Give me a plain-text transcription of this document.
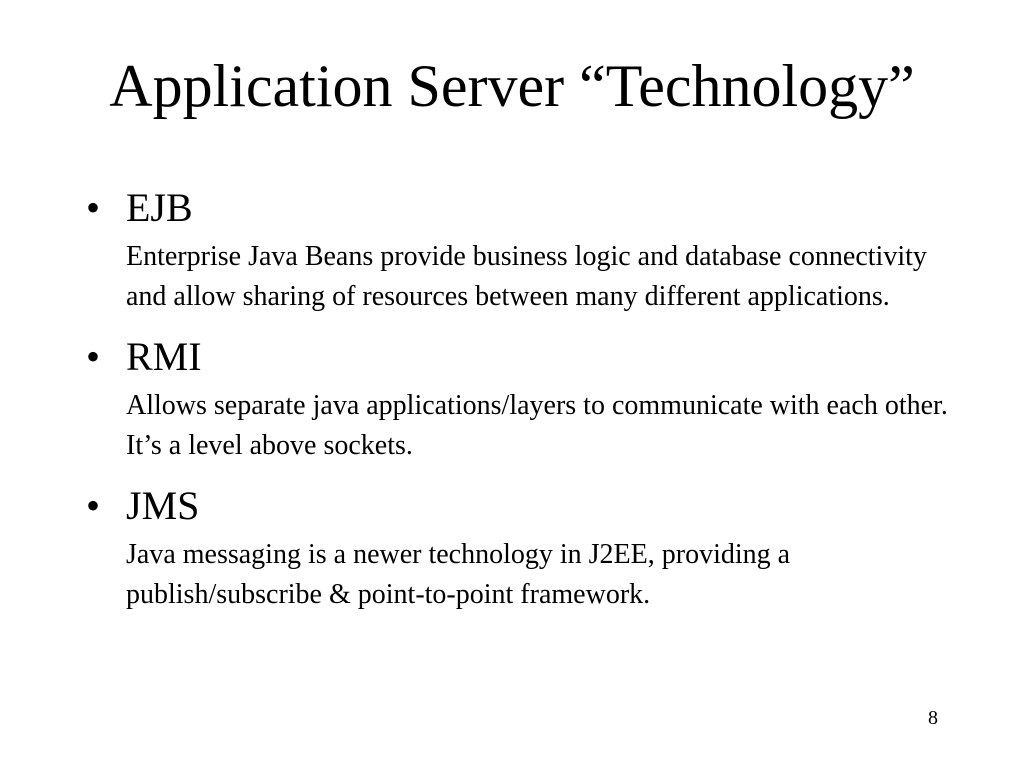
Application Server “Technology”
• EJB
Enterprise Java Beans provide business logic and database connectivity and allow sharing of resources between many different applications.
• RMI
Allows separate java applications/layers to communicate with each other.  It’s a level above sockets.
• JMS
Java messaging is a newer technology in J2EE, providing a publish/subscribe & point-to-point framework.
8
